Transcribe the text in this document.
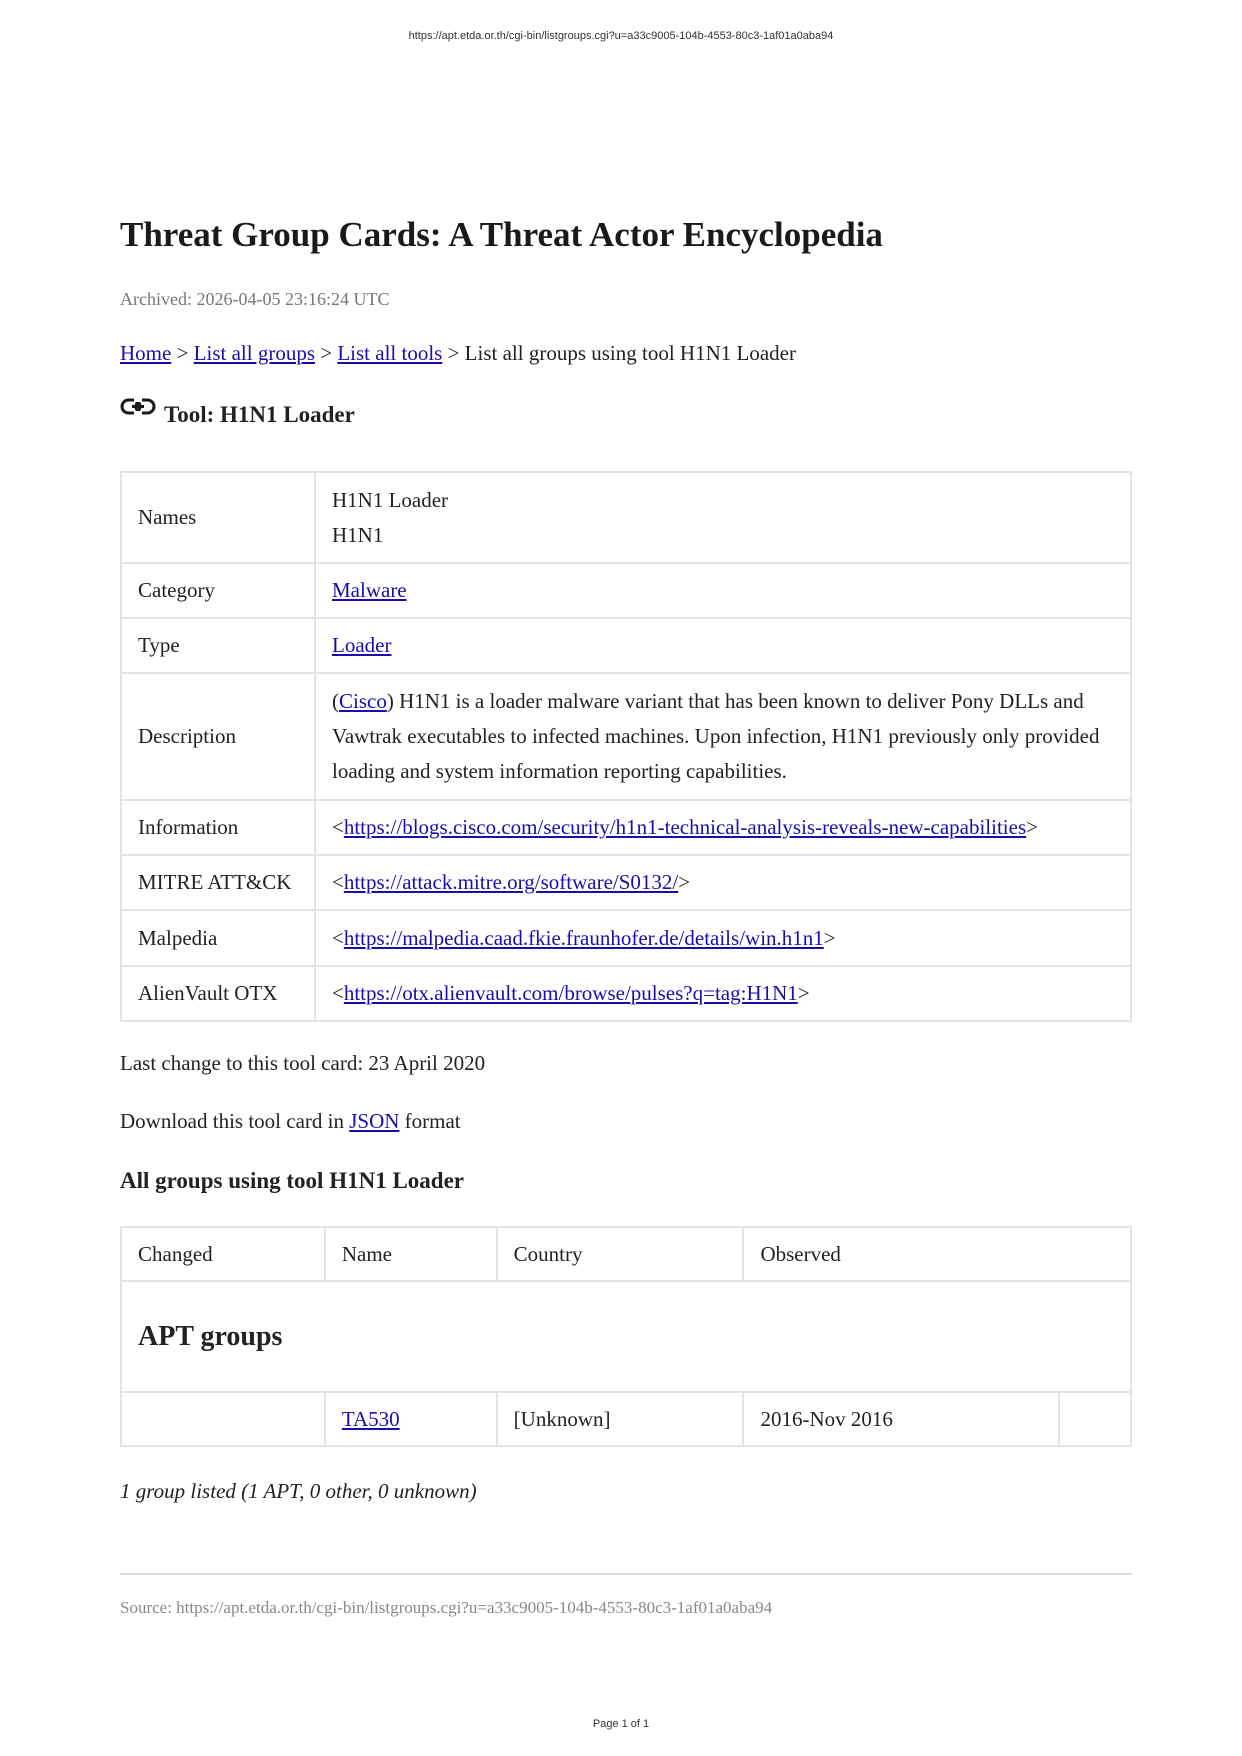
https://apt.etda.or.th/cgi-bin/listgroups.cgi?u=a33c9005-104b-4553-80c3-1af01a0aba94
Threat Group Cards: A Threat Actor Encyclopedia
Archived: 2026-04-05 23:16:24 UTC
Home > List all groups > List all tools > List all groups using tool H1N1 Loader
Tool: H1N1 Loader
Names	H1N1 Loader
H1N1

Category	Malware
Type	Loader
Description	(Cisco) H1N1 is a loader malware variant that has been known to deliver Pony DLLs and Vawtrak executables to infected machines. Upon infection, H1N1 previously only provided loading and system information reporting capabilities.
Information	<https://blogs.cisco.com/security/h1n1-technical-analysis-reveals-new-capabilities>
MITRE ATT&CK	<https://attack.mitre.org/software/S0132/>
Malpedia	<https://malpedia.caad.fkie.fraunhofer.de/details/win.h1n1>
AlienVault OTX	<https://otx.alienvault.com/browse/pulses?q=tag:H1N1>
Last change to this tool card: 23 April 2020
Download this tool card in JSON format
All groups using tool H1N1 Loader
Changed	Name	Country	Observed	
APT groups				
	TA530	[Unknown]	2016-Nov 2016	
1 group listed (1 APT, 0 other, 0 unknown)
Source: https://apt.etda.or.th/cgi-bin/listgroups.cgi?u=a33c9005-104b-4553-80c3-1af01a0aba94
Page 1 of 1
